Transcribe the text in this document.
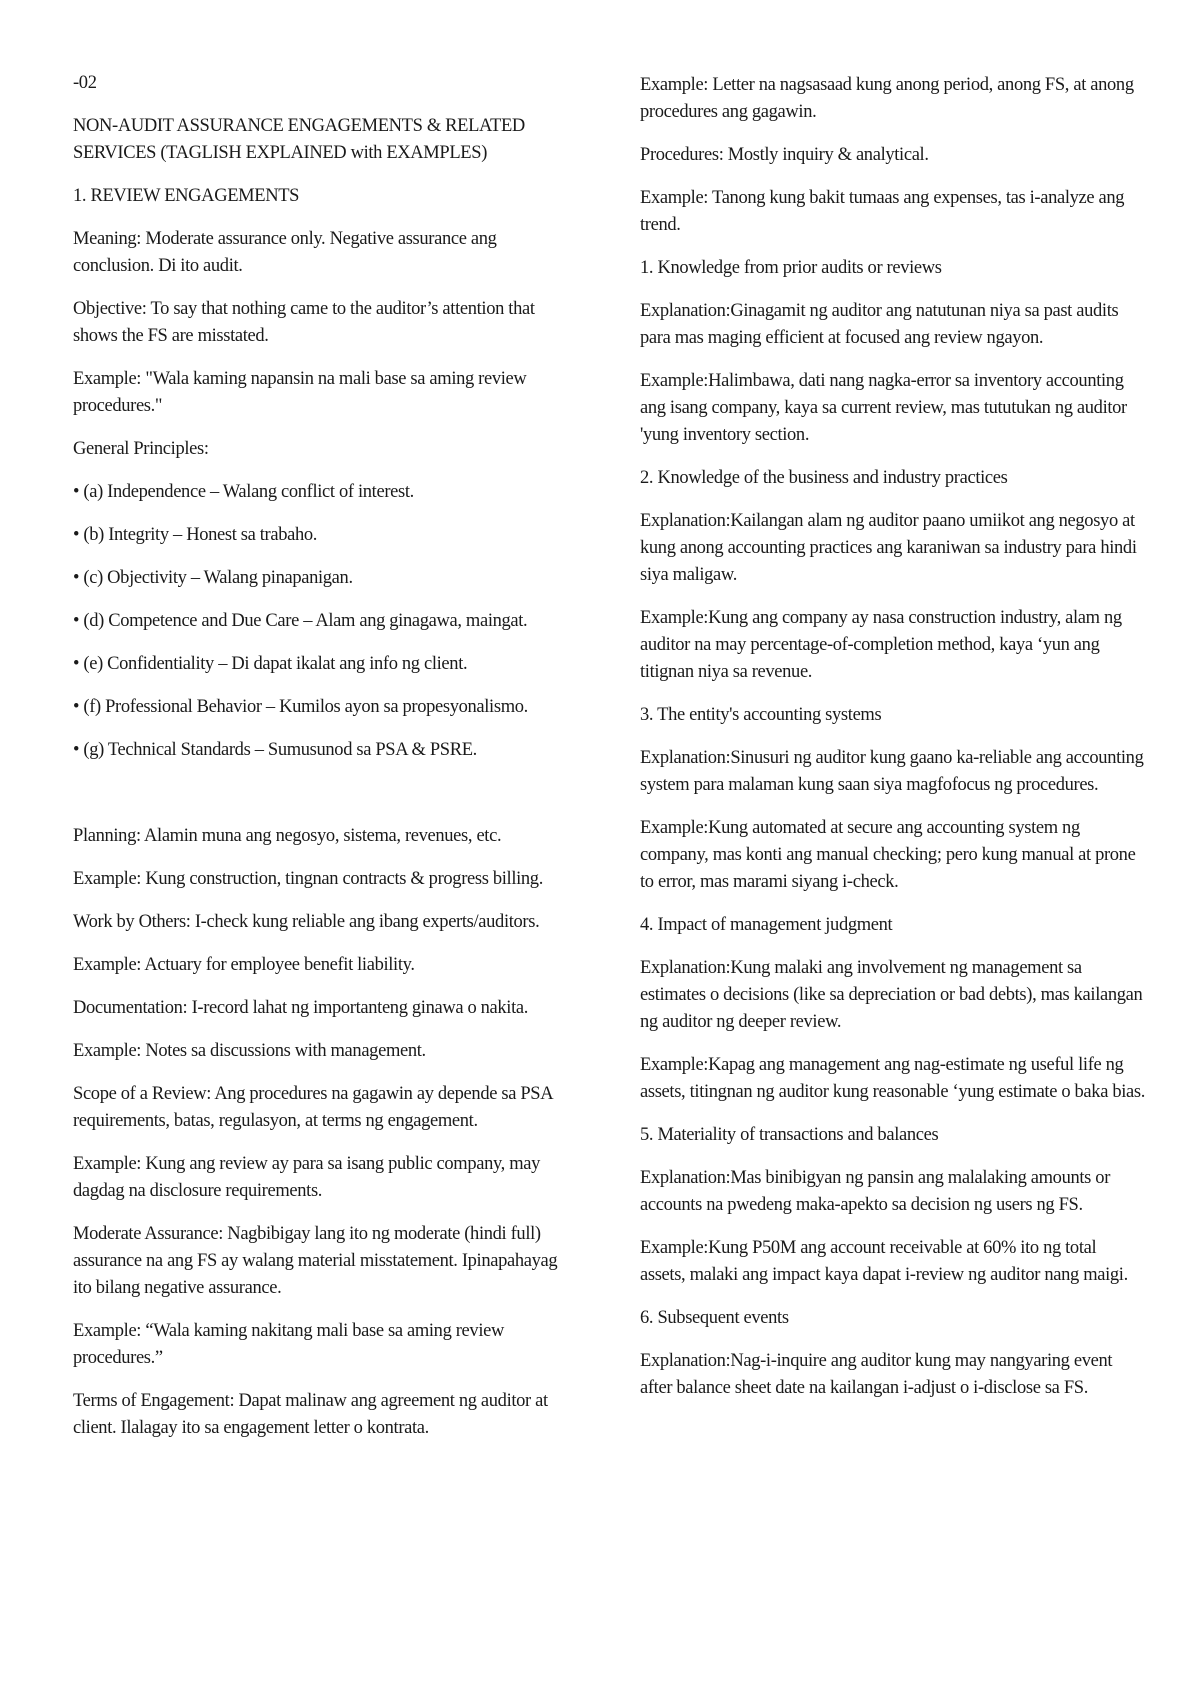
-02

NON-AUDIT ASSURANCE ENGAGEMENTS & RELATED SERVICES (TAGLISH EXPLAINED with EXAMPLES)

1. REVIEW ENGAGEMENTS

Meaning: Moderate assurance only. Negative assurance ang conclusion. Di ito audit.

Objective: To say that nothing came to the auditor’s attention that shows the FS are misstated.

Example: "Wala kaming napansin na mali base sa aming review procedures."

General Principles:

• (a) Independence – Walang conflict of interest.

• (b) Integrity – Honest sa trabaho.

• (c) Objectivity – Walang pinapanigan.

• (d) Competence and Due Care – Alam ang ginagawa, maingat.

• (e) Confidentiality – Di dapat ikalat ang info ng client.

• (f) Professional Behavior – Kumilos ayon sa propesyonalismo.

• (g) Technical Standards – Sumusunod sa PSA & PSRE.

Planning: Alamin muna ang negosyo, sistema, revenues, etc.

Example: Kung construction, tingnan contracts & progress billing.

Work by Others: I-check kung reliable ang ibang experts/auditors.

Example: Actuary for employee benefit liability.

Documentation: I-record lahat ng importanteng ginawa o nakita.

Example: Notes sa discussions with management.

Scope of a Review: Ang procedures na gagawin ay depende sa PSA requirements, batas, regulasyon, at terms ng engagement.

Example: Kung ang review ay para sa isang public company, may dagdag na disclosure requirements.

Moderate Assurance: Nagbibigay lang ito ng moderate (hindi full) assurance na ang FS ay walang material misstatement. Ipinapahayag ito bilang negative assurance.

Example: “Wala kaming nakitang mali base sa aming review procedures.”

Terms of Engagement: Dapat malinaw ang agreement ng auditor at client. Ilalagay ito sa engagement letter o kontrata.

Example: Letter na nagsasaad kung anong period, anong FS, at anong procedures ang gagawin.

Procedures: Mostly inquiry & analytical.

Example: Tanong kung bakit tumaas ang expenses, tas i-analyze ang trend.

1. Knowledge from prior audits or reviews

Explanation:Ginagamit ng auditor ang natutunan niya sa past audits para mas maging efficient at focused ang review ngayon.

Example:Halimbawa, dati nang nagka-error sa inventory accounting ang isang company, kaya sa current review, mas tututukan ng auditor 'yung inventory section.

2. Knowledge of the business and industry practices

Explanation:Kailangan alam ng auditor paano umiikot ang negosyo at kung anong accounting practices ang karaniwan sa industry para hindi siya maligaw.

Example:Kung ang company ay nasa construction industry, alam ng auditor na may percentage-of-completion method, kaya ‘yun ang titignan niya sa revenue.

3. The entity's accounting systems

Explanation:Sinusuri ng auditor kung gaano ka-reliable ang accounting system para malaman kung saan siya magfofocus ng procedures.

Example:Kung automated at secure ang accounting system ng company, mas konti ang manual checking; pero kung manual at prone to error, mas marami siyang i-check.

4. Impact of management judgment

Explanation:Kung malaki ang involvement ng management sa estimates o decisions (like sa depreciation or bad debts), mas kailangan ng auditor ng deeper review.

Example:Kapag ang management ang nag-estimate ng useful life ng assets, titingnan ng auditor kung reasonable ‘yung estimate o baka bias.

5. Materiality of transactions and balances

Explanation:Mas binibigyan ng pansin ang malalaking amounts or accounts na pwedeng maka-apekto sa decision ng users ng FS.

Example:Kung P50M ang account receivable at 60% ito ng total assets, malaki ang impact kaya dapat i-review ng auditor nang maigi.

6. Subsequent events

Explanation:Nag-i-inquire ang auditor kung may nangyaring event after balance sheet date na kailangan i-adjust o i-disclose sa FS.
